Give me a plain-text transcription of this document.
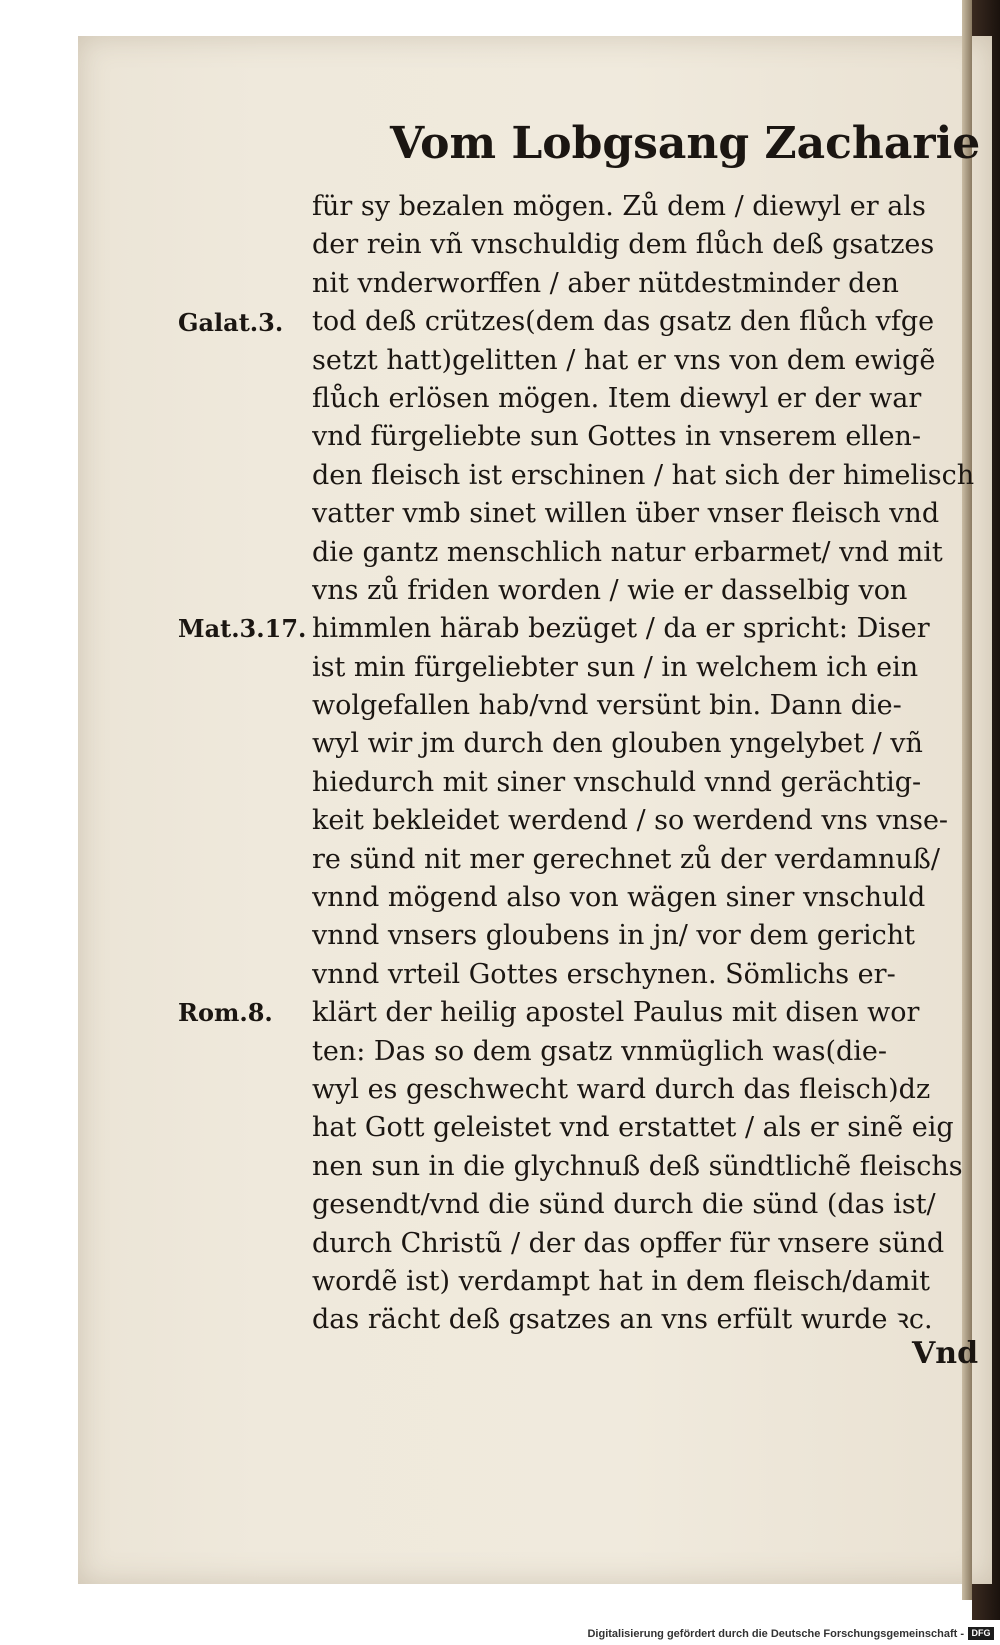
Vom Lobgsang Zacharie
für sy bezalen mögen. Zů dem / diewyl er als
der rein vñ vnschuldig dem flůch deß gsatzes
nit vnderworffen / aber nütdestminder den
tod deß crützes(dem das gsatz den flůch vfge
setzt hatt)gelitten / hat er vns von dem ewigẽ
flůch erlösen mögen. Item diewyl er der war
vnd fürgeliebte sun Gottes in vnserem ellen-
den fleisch ist erschinen / hat sich der himelisch
vatter vmb sinet willen über vnser fleisch vnd
die gantz menschlich natur erbarmet/ vnd mit
vns zů friden worden / wie er dasselbig von
himmlen härab bezüget / da er spricht: Diser
ist min fürgeliebter sun / in welchem ich ein
wolgefallen hab/vnd versünt bin. Dann die-
wyl wir jm durch den glouben yngelybet / vñ
hiedurch mit siner vnschuld vnnd gerächtig-
keit bekleidet werdend / so werdend vns vnse-
re sünd nit mer gerechnet zů der verdamnuß/
vnnd mögend also von wägen siner vnschuld
vnnd vnsers gloubens in jn/ vor dem gericht
vnnd vrteil Gottes erschynen. Sömlichs er-
klärt der heilig apostel Paulus mit disen wor
ten: Das so dem gsatz vnmüglich was(die-
wyl es geschwecht ward durch das fleisch)dz
hat Gott geleistet vnd erstattet / als er sinẽ eig
nen sun in die glychnuß deß sündtlichẽ fleischs
gesendt/vnd die sünd durch die sünd (das ist/
durch Christũ / der das opffer für vnsere sünd
wordẽ ist) verdampt hat in dem fleisch/damit
das rächt deß gsatzes an vns erfült wurde ꝛc.
Galat.3.
Mat.3.17.
Rom.8.
Vnd
Digitalisierung gefördert durch die Deutsche Forschungsgemeinschaft - DFG
